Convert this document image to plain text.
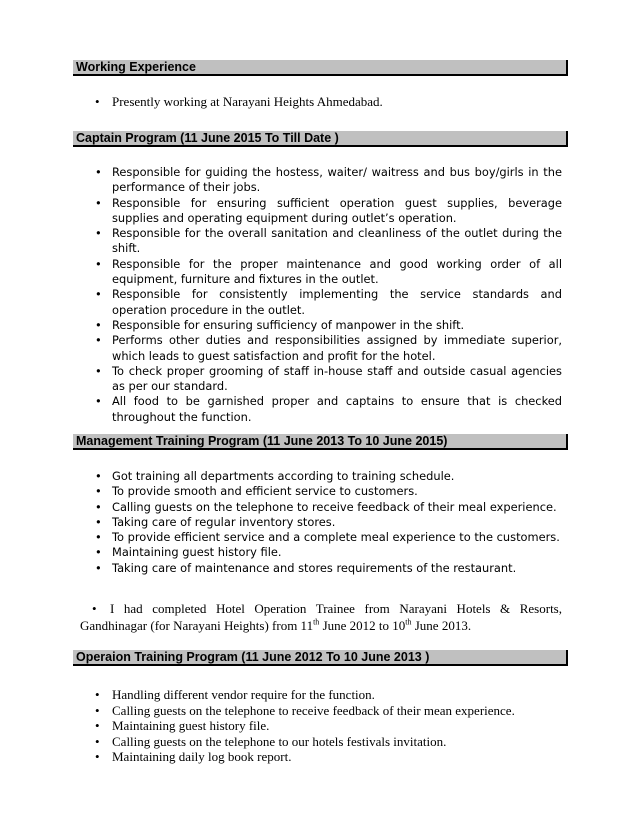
Working Experience
• Presently working at Narayani Heights Ahmedabad.
Captain Program (11 June 2015 To Till Date )
• Responsible for guiding the hostess, waiter/ waitress and bus boy/girls in the performance of their jobs.
• Responsible for ensuring sufficient operation guest supplies, beverage supplies and operating equipment during outlet’s operation.
• Responsible for the overall sanitation and cleanliness of the outlet during the shift.
• Responsible for the proper maintenance and good working order of all equipment, furniture and fixtures in the outlet.
• Responsible for consistently implementing the service standards and operation procedure in the outlet.
• Responsible for ensuring sufficiency of manpower in the shift.
• Performs other duties and responsibilities assigned by immediate superior, which leads to guest satisfaction and profit for the hotel.
• To check proper grooming of staff in-house staff and outside casual agencies as per our standard.
• All food to be garnished proper and captains to ensure that is checked throughout the function.
Management Training Program (11 June 2013 To 10 June 2015)
• Got training all departments according to training schedule.
• To provide smooth and efficient service to customers.
• Calling guests on the telephone to receive feedback of their meal experience.
• Taking care of regular inventory stores.
• To provide efficient service and a complete meal experience to the customers.
• Maintaining guest history file.
• Taking care of maintenance and stores requirements of the restaurant.
• I had completed Hotel Operation Trainee from Narayani Hotels & Resorts, Gandhinagar (for Narayani Heights) from 11th June 2012 to 10th June 2013.
Operaion Training Program (11 June 2012 To 10 June 2013 )
• Handling different vendor require for the function.
• Calling guests on the telephone to receive feedback of their mean experience.
• Maintaining guest history file.
• Calling guests on the telephone to our hotels festivals invitation.
• Maintaining daily log book report.
